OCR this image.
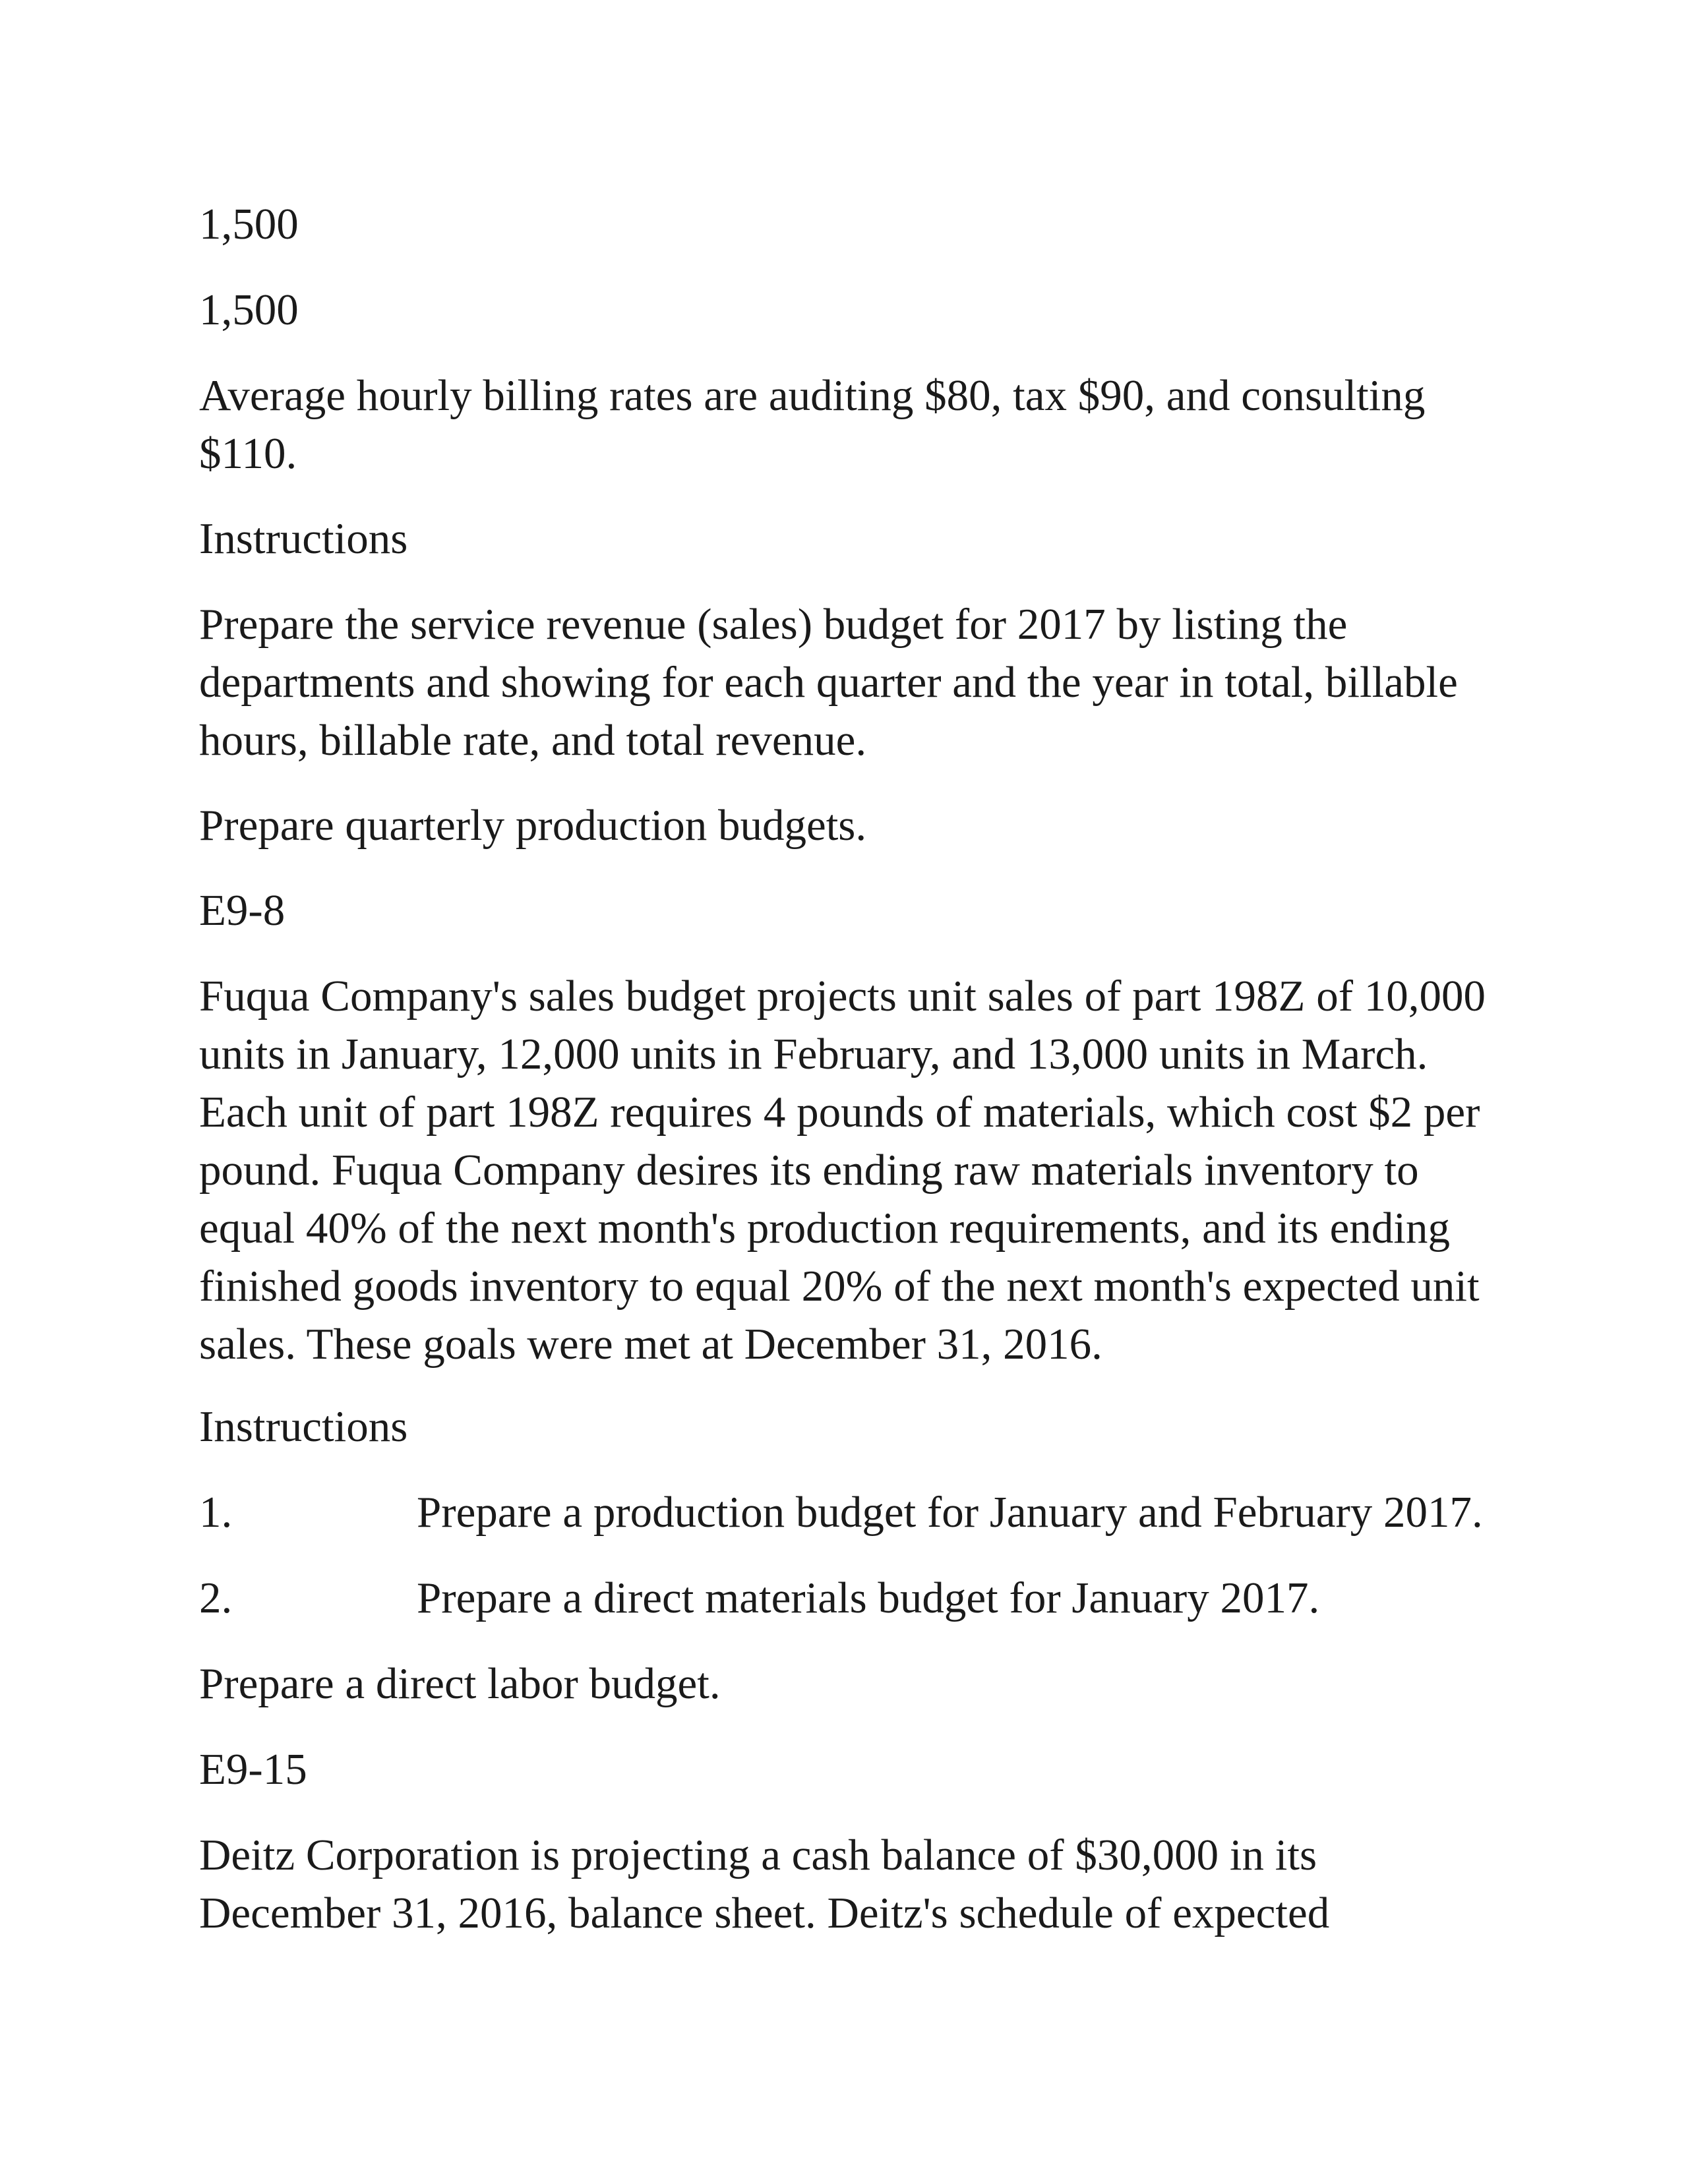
1,500

1,500

Average hourly billing rates are auditing $80, tax $90, and consulting $110.

Instructions

Prepare the service revenue (sales) budget for 2017 by listing the departments and showing for each quarter and the year in total, billable hours, billable rate, and total revenue.

Prepare quarterly production budgets.

E9-8

Fuqua Company's sales budget projects unit sales of part 198Z of 10,000 units in January, 12,000 units in February, and 13,000 units in March. Each unit of part 198Z requires 4 pounds of materials, which cost $2 per pound. Fuqua Company desires its ending raw materials inventory to equal 40% of the next month's production requirements, and its ending finished goods inventory to equal 20% of the next month's expected unit sales. These goals were met at December 31, 2016.

Instructions

1.	Prepare a production budget for January and February 2017.

2.	Prepare a direct materials budget for January 2017.

Prepare a direct labor budget.

E9-15

Deitz Corporation is projecting a cash balance of $30,000 in its December 31, 2016, balance sheet. Deitz's schedule of expected
